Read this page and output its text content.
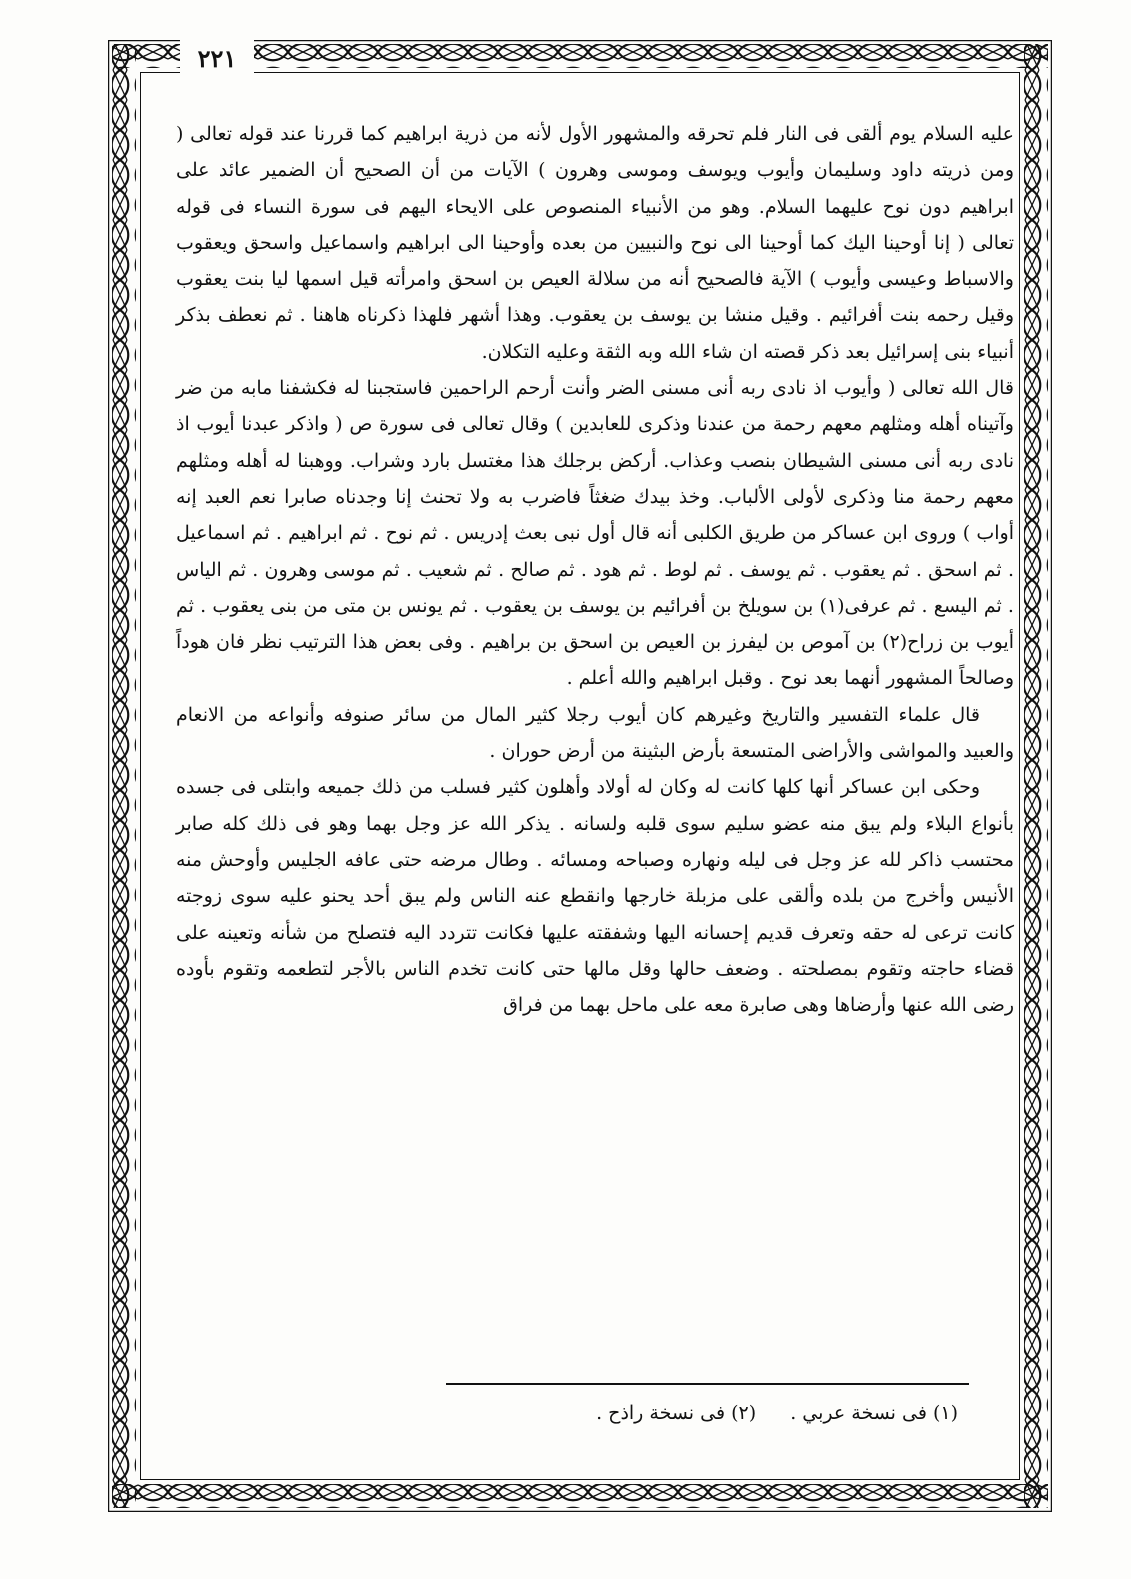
٢٢١

عليه السلام يوم ألقى فى النار فلم تحرقه والمشهور الأول لأنه من ذرية ابراهيم كما قررنا عند قوله تعالى ( ومن ذريته داود وسليمان وأيوب ويوسف وموسى وهرون ) الآيات من أن الصحيح أن الضمير عائد على ابراهيم دون نوح عليهما السلام. وهو من الأنبياء المنصوص على الايحاء اليهم فى سورة النساء فى قوله تعالى ( إنا أوحينا اليك كما أوحينا الى نوح والنبيين من بعده وأوحينا الى ابراهيم واسماعيل واسحق ويعقوب والاسباط وعيسى وأيوب ) الآية فالصحيح أنه من سلالة العيص بن اسحق وامرأته قيل اسمها ليا بنت يعقوب وقيل رحمه بنت أفرائيم . وقيل منشا بن يوسف بن يعقوب. وهذا أشهر فلهذا ذكرناه هاهنا . ثم نعطف بذكر أنبياء بنى إسرائيل بعد ذكر قصته ان شاء الله وبه الثقة وعليه التكلان.

قال الله تعالى ( وأيوب اذ نادى ربه أنى مسنى الضر وأنت أرحم الراحمين فاستجبنا له فكشفنا مابه من ضر وآتيناه أهله ومثلهم معهم رحمة من عندنا وذكرى للعابدين ) وقال تعالى فى سورة ص ( واذكر عبدنا أيوب اذ نادى ربه أنى مسنى الشيطان بنصب وعذاب. أركض برجلك هذا مغتسل بارد وشراب. ووهبنا له أهله ومثلهم معهم رحمة منا وذكرى لأولى الألباب. وخذ بيدك ضغثاً فاضرب به ولا تحنث إنا وجدناه صابرا نعم العبد إنه أواب ) وروى ابن عساكر من طريق الكلبى أنه قال أول نبى بعث إدريس . ثم نوح . ثم ابراهيم . ثم اسماعيل . ثم اسحق . ثم يعقوب . ثم يوسف . ثم لوط . ثم هود . ثم صالح . ثم شعيب . ثم موسى وهرون . ثم الياس . ثم اليسع . ثم عرفى(١) بن سويلخ بن أفرائيم بن يوسف بن يعقوب . ثم يونس بن متى من بنى يعقوب . ثم أيوب بن زراح(٢) بن آموص بن ليفرز بن العيص بن اسحق بن براهيم . وفى بعض هذا الترتيب نظر فان هوداً وصالحاً المشهور أنهما بعد نوح . وقبل ابراهيم والله أعلم .

قال علماء التفسير والتاريخ وغيرهم كان أيوب رجلا كثير المال من سائر صنوفه وأنواعه من الانعام والعبيد والمواشى والأراضى المتسعة بأرض البثينة من أرض حوران .

وحكى ابن عساكر أنها كلها كانت له وكان له أولاد وأهلون كثير فسلب من ذلك جميعه وابتلى فى جسده بأنواع البلاء ولم يبق منه عضو سليم سوى قلبه ولسانه . يذكر الله عز وجل بهما وهو فى ذلك كله صابر محتسب ذاكر لله عز وجل فى ليله ونهاره وصباحه ومسائه . وطال مرضه حتى عافه الجليس وأوحش منه الأنيس وأخرج من بلده وألقى على مزبلة خارجها وانقطع عنه الناس ولم يبق أحد يحنو عليه سوى زوجته كانت ترعى له حقه وتعرف قديم إحسانه اليها وشفقته عليها فكانت تتردد اليه فتصلح من شأنه وتعينه على قضاء حاجته وتقوم بمصلحته . وضعف حالها وقل مالها حتى كانت تخدم الناس بالأجر لتطعمه وتقوم بأوده رضى الله عنها وأرضاها وهى صابرة معه على ماحل بهما من فراق

(١) فى نسخة عربي . (٢) فى نسخة راذح .
